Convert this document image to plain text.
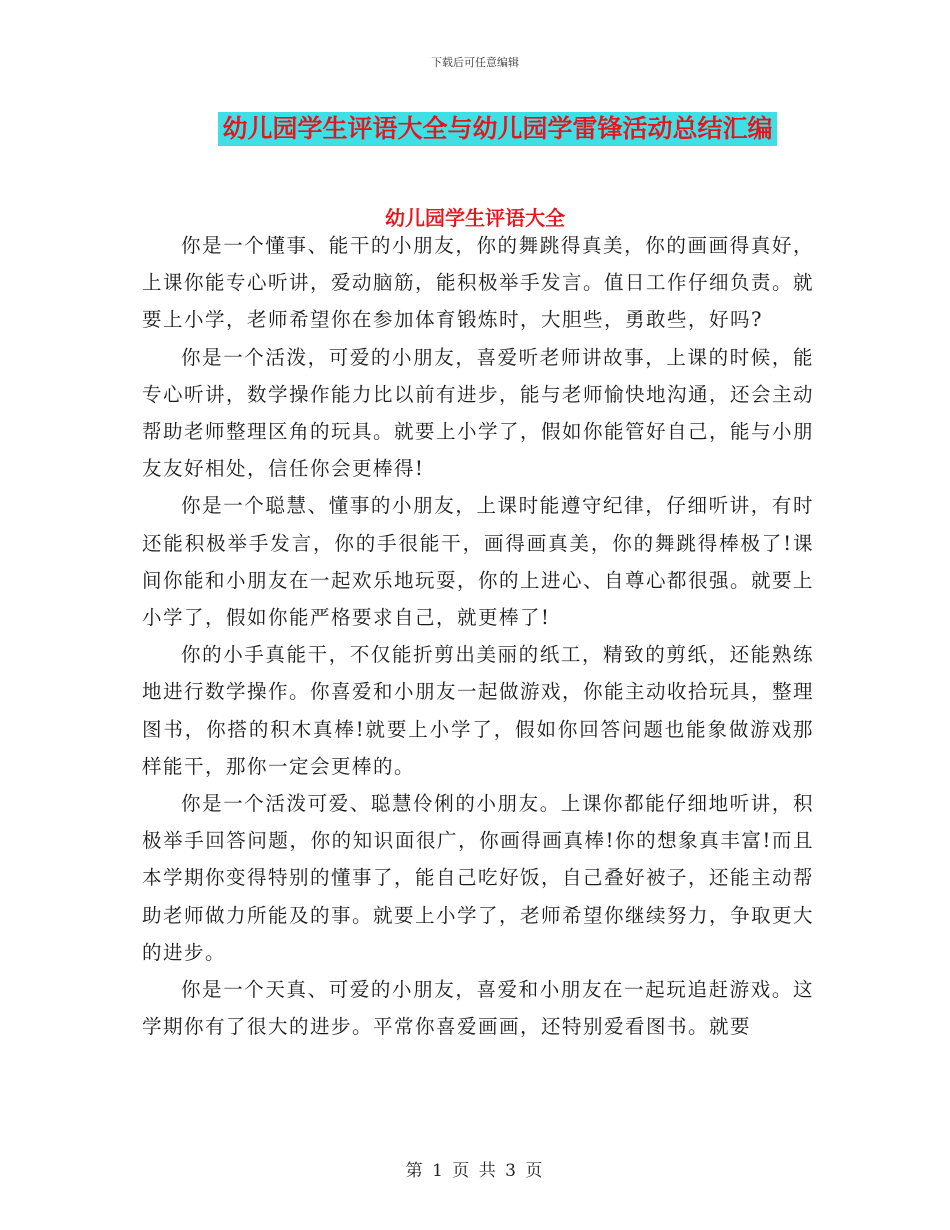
下载后可任意编辑
幼儿园学生评语大全与幼儿园学雷锋活动总结汇编
幼儿园学生评语大全

你是一个懂事、能干的小朋友，你的舞跳得真美，你的画画得真好，上课你能专心听讲，爱动脑筋，能积极举手发言。值日工作仔细负责。就要上小学，老师希望你在参加体育锻炼时，大胆些，勇敢些，好吗?

你是一个活泼，可爱的小朋友，喜爱听老师讲故事，上课的时候，能专心听讲，数学操作能力比以前有进步，能与老师愉快地沟通，还会主动帮助老师整理区角的玩具。就要上小学了，假如你能管好自己，能与小朋友友好相处，信任你会更棒得!

你是一个聪慧、懂事的小朋友，上课时能遵守纪律，仔细听讲，有时还能积极举手发言，你的手很能干，画得画真美，你的舞跳得棒极了!课间你能和小朋友在一起欢乐地玩耍，你的上进心、自尊心都很强。就要上小学了，假如你能严格要求自己，就更棒了!

你的小手真能干，不仅能折剪出美丽的纸工，精致的剪纸，还能熟练地进行数学操作。你喜爱和小朋友一起做游戏，你能主动收拾玩具，整理图书，你搭的积木真棒!就要上小学了，假如你回答问题也能象做游戏那样能干，那你一定会更棒的。

你是一个活泼可爱、聪慧伶俐的小朋友。上课你都能仔细地听讲，积极举手回答问题，你的知识面很广，你画得画真棒!你的想象真丰富!而且本学期你变得特别的懂事了，能自己吃好饭，自己叠好被子，还能主动帮助老师做力所能及的事。就要上小学了，老师希望你继续努力，争取更大的进步。

你是一个天真、可爱的小朋友，喜爱和小朋友在一起玩追赶游戏。这学期你有了很大的进步。平常你喜爱画画，还特别爱看图书。就要

第 1 页 共 3 页
